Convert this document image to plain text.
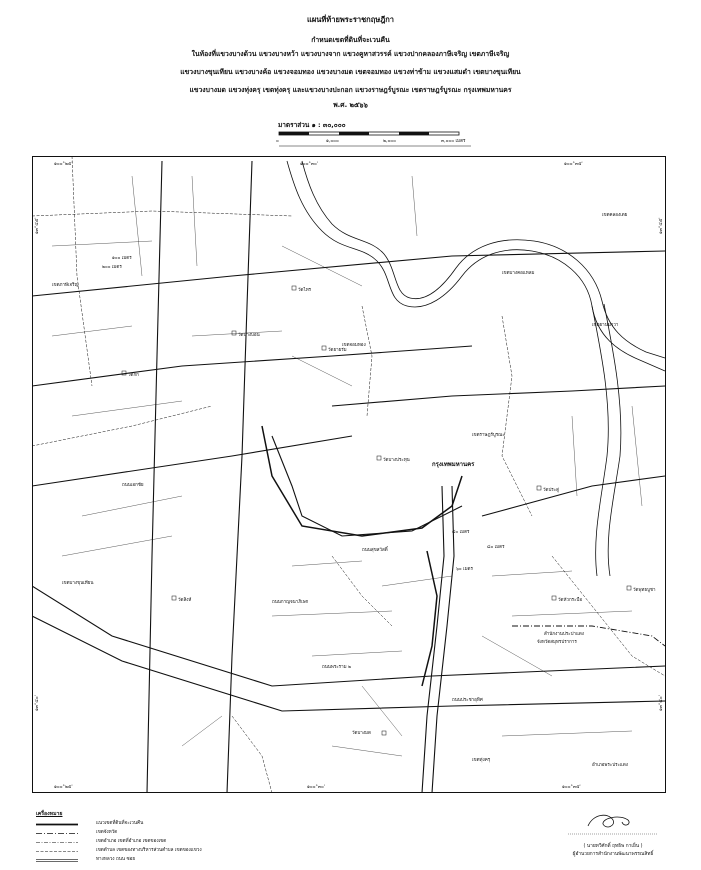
แผนที่ท้ายพระราชกฤษฎีกา
กำหนดเขตที่ดินที่จะเวนคืน
ในท้องที่แขวงบางด้วน แขวงบางหว้า แขวงบางจาก แขวงคูหาสวรรค์ แขวงปากคลองภาษีเจริญ เขตภาษีเจริญ
แขวงบางขุนเทียน แขวงบางค้อ แขวงจอมทอง แขวงบางมด เขตจอมทอง แขวงท่าข้าม แขวงแสมดำ เขตบางขุนเทียน
แขวงบางมด แขวงทุ่งครุ เขตทุ่งครุ และแขวงบางปะกอก แขวงราษฎร์บูรณะ เขตราษฎร์บูรณะ กรุงเทพมหานคร
พ.ศ. ๒๕๖๖
มาตราส่วน ๑ : ๓๐,๐๐๐
๐	๑,๐๐๐	๒,๐๐๐	๓,๐๐๐ เมตร
๑๐๐°๒๕'	๑๐๐°๓๐'	๑๐๐°๓๕'
๑๐๐°๒๕'	๑๐๐°๓๐'	๑๐๐°๓๕'
๑๓°๔๕'
๑๓°๔๐'
๑๓°๔๕'
๑๓°๔๐'
กรุงเทพมหานคร
จังหวัดสมุทรปราการ
สำนักงานประปาแดง
ถนนพระราม ๒
ถนนกาญจนาภิเษก
ถนนสุขสวัสดิ์
ถนนเอกชัย
ถนนประชาอุทิศ
เขตภาษีเจริญ
เขตจอมทอง
เขตบางขุนเทียน
เขตทุ่งครุ
เขตราษฎร์บูรณะ
เขตบางคอแหลม
เขตยานนาวา
เขตคลองเตย
อำเภอพระประแดง
วัดไทร
วัดบางบอน
วัดกก
วัดยายร่ม
วัดบางประทุน
วัดสิงห์
วัดประดู่
วัดพุทธบูชา
วัดบางมด
วัดหัวกระบือ
๑๐๐ เมตร
๒๐๐ เมตร
๔๐ เมตร
๖๐ เมตร
๘๐ เมตร
เครื่องหมาย
แนวเขตที่ดินที่จะเวนคืน
เขตจังหวัด
เขตอำเภอ เขตที่อำเภอ เขตของเขต
เขตตำบล เขตของทางบริหารส่วนตำบล เขตของแขวง
ทางหลวง ถนน ซอย
( นายทวีศักดิ์ ฤทธิพ กาเย็น )
ผู้อำนวยการสำนักงานพัฒนาพรรณสิทธิ์
